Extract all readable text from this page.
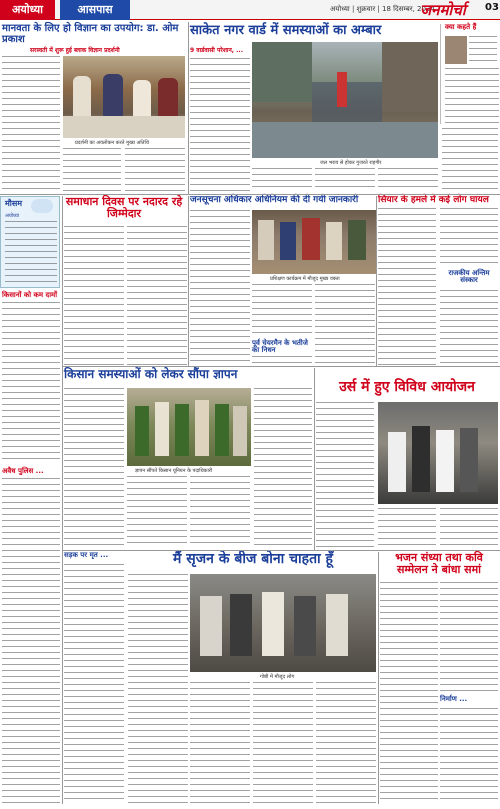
अयोध्या	आसपास	अयोध्या | शुक्रवार | 18 दिसम्बर, 2024
जनमोर्चा 03
मानवता के लिए हो विज्ञान का उपयोग: डा. ओम प्रकाश
सरस्वती में शुरू हुई ब्लाक विज्ञान प्रदर्शनी
प्रदर्शनी का अवलोकन करते मुख्य अतिथि
साकेत नगर वार्ड में समस्याओं का अम्बार
9 वार्डवासी परेशान, ...
जल भराव से होकर गुजरते राहगीर
क्या कहते हैं
मौसम
अयोध्या
किसानों को कम दामों
समाधान दिवस पर नदारद रहे जिम्मेदार
जनसूचना अधिकार अधिनियम की दी गयी जानकारी
प्रशिक्षण कार्यक्रम में मौजूद मुख्य वक्ता
पूर्व चेयरमैन के भतीजे का निधन
सियार के हमले में कई लोग घायल
राजकीय अन्तिम संस्कार
किसान समस्याओं को लेकर सौंपा ज्ञापन
ज्ञापन सौंपते किसान यूनियन के पदाधिकारी
उर्स में हुए विविध आयोजन
अवैध पुलिस ...
सड़क पर मृत ...	मैं सृजन के बीज बोना चाहता हूँ
गोष्ठी में मौजूद लोग
भजन संध्या तथा कवि सम्मेलन ने बांधा समां
निर्माण ...
